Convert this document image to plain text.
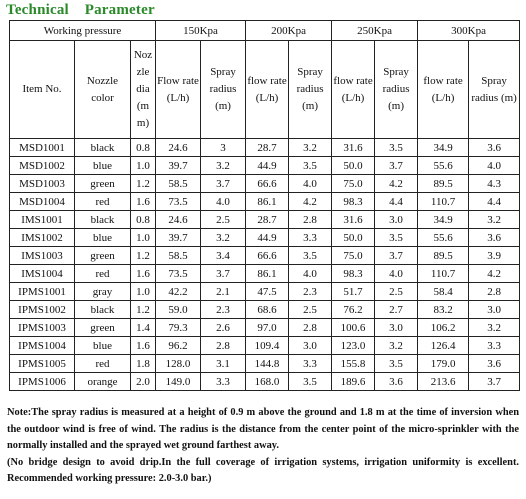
Technical    Parameter
Working pressure			150Kpa		200Kpa		250Kpa		300Kpa	
Item No.	Nozzle color	Noz zle dia (m m)	Flow rate (L/h)	Spray radius (m)	flow rate (L/h)	Spray radius (m)	flow rate (L/h)	Spray radius (m)	flow rate (L/h)	Spray radius (m)
MSD1001	black	0.8	24.6	3	28.7	3.2	31.6	3.5	34.9	3.6
MSD1002	blue	1.0	39.7	3.2	44.9	3.5	50.0	3.7	55.6	4.0
MSD1003	green	1.2	58.5	3.7	66.6	4.0	75.0	4.2	89.5	4.3
MSD1004	red	1.6	73.5	4.0	86.1	4.2	98.3	4.4	110.7	4.4
IMS1001	black	0.8	24.6	2.5	28.7	2.8	31.6	3.0	34.9	3.2
IMS1002	blue	1.0	39.7	3.2	44.9	3.3	50.0	3.5	55.6	3.6
IMS1003	green	1.2	58.5	3.4	66.6	3.5	75.0	3.7	89.5	3.9
IMS1004	red	1.6	73.5	3.7	86.1	4.0	98.3	4.0	110.7	4.2
IPMS1001	gray	1.0	42.2	2.1	47.5	2.3	51.7	2.5	58.4	2.8
IPMS1002	black	1.2	59.0	2.3	68.6	2.5	76.2	2.7	83.2	3.0
IPMS1003	green	1.4	79.3	2.6	97.0	2.8	100.6	3.0	106.2	3.2
IPMS1004	blue	1.6	96.2	2.8	109.4	3.0	123.0	3.2	126.4	3.3
IPMS1005	red	1.8	128.0	3.1	144.8	3.3	155.8	3.5	179.0	3.6
IPMS1006	orange	2.0	149.0	3.3	168.0	3.5	189.6	3.6	213.6	3.7

Note:The spray radius is measured at a height of 0.9 m above the ground and 1.8 m at the time of inversion when the outdoor wind is free of wind. The radius is the distance from the center point of the micro-sprinkler with the normally installed and the sprayed wet ground farthest away.

(No bridge design to avoid drip.In the full coverage of irrigation systems, irrigation uniformity is excellent. Recommended working pressure: 2.0-3.0 bar.)
